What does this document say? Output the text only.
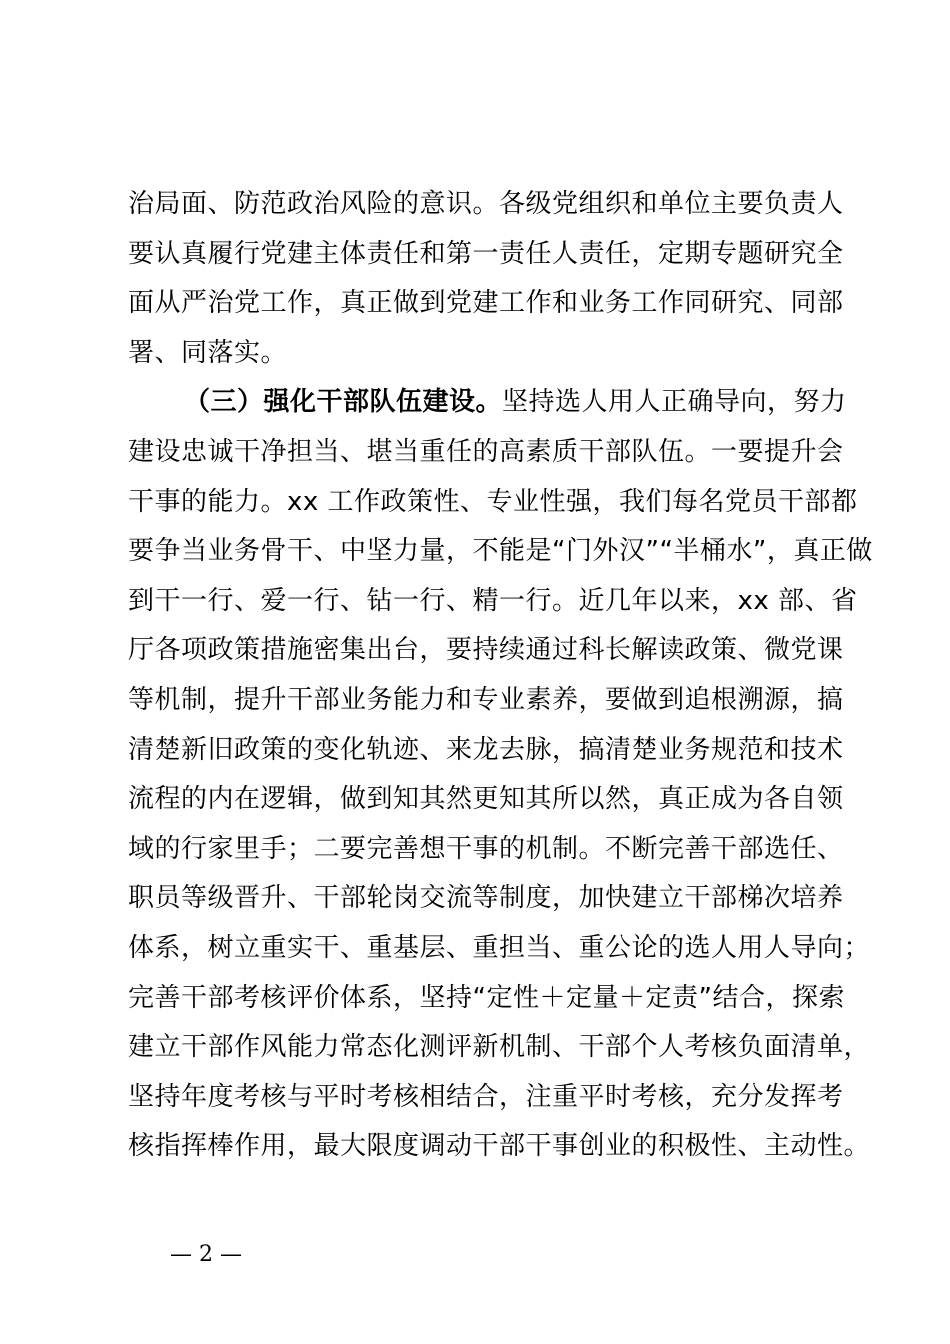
治局面、防范政治风险的意识。各级党组织和单位主要负责人
要认真履行党建主体责任和第一责任人责任，定期专题研究全
面从严治党工作，真正做到党建工作和业务工作同研究、同部
署、同落实。
（三）强化干部队伍建设。坚持选人用人正确导向，努力
建设忠诚干净担当、堪当重任的高素质干部队伍。一要提升会
干事的能力。xx 工作政策性、专业性强，我们每名党员干部都
要争当业务骨干、中坚力量，不能是“门外汉”“半桶水”，真正做
到干一行、爱一行、钻一行、精一行。近几年以来，xx 部、省
厅各项政策措施密集出台，要持续通过科长解读政策、微党课
等机制，提升干部业务能力和专业素养，要做到追根溯源，搞
清楚新旧政策的变化轨迹、来龙去脉，搞清楚业务规范和技术
流程的内在逻辑，做到知其然更知其所以然，真正成为各自领
域的行家里手；二要完善想干事的机制。不断完善干部选任、
职员等级晋升、干部轮岗交流等制度，加快建立干部梯次培养
体系，树立重实干、重基层、重担当、重公论的选人用人导向；
完善干部考核评价体系，坚持“定性＋定量＋定责”结合，探索
建立干部作风能力常态化测评新机制、干部个人考核负面清单，
坚持年度考核与平时考核相结合，注重平时考核，充分发挥考
核指挥棒作用，最大限度调动干部干事创业的积极性、主动性。
— 2 —
